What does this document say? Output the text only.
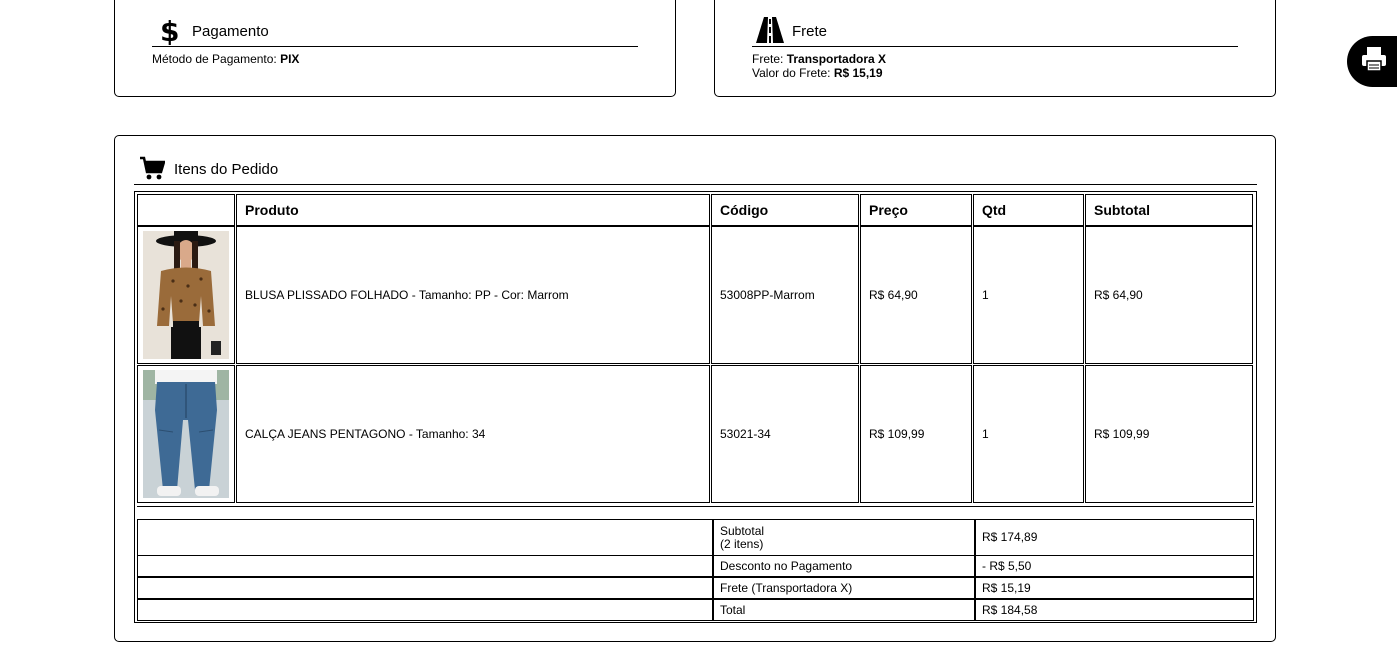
$ Pagamento
Método de Pagamento: PIX
Frete
Frete: Transportadora X
Valor do Frete: R$ 15,19
Itens do Pedido
Produto	Código	Preço	Qtd	Subtotal
BLUSA PLISSADO FOLHADO - Tamanho: PP - Cor: Marrom	53008PP-Marrom	R$ 64,90	1	R$ 64,90
CALÇA JEANS PENTAGONO - Tamanho: 34	53021-34	R$ 109,99	1	R$ 109,99
Subtotal
(2 itens)	R$ 174,89
Desconto no Pagamento	- R$ 5,50
Frete (Transportadora X)	R$ 15,19
Total	R$ 184,58
